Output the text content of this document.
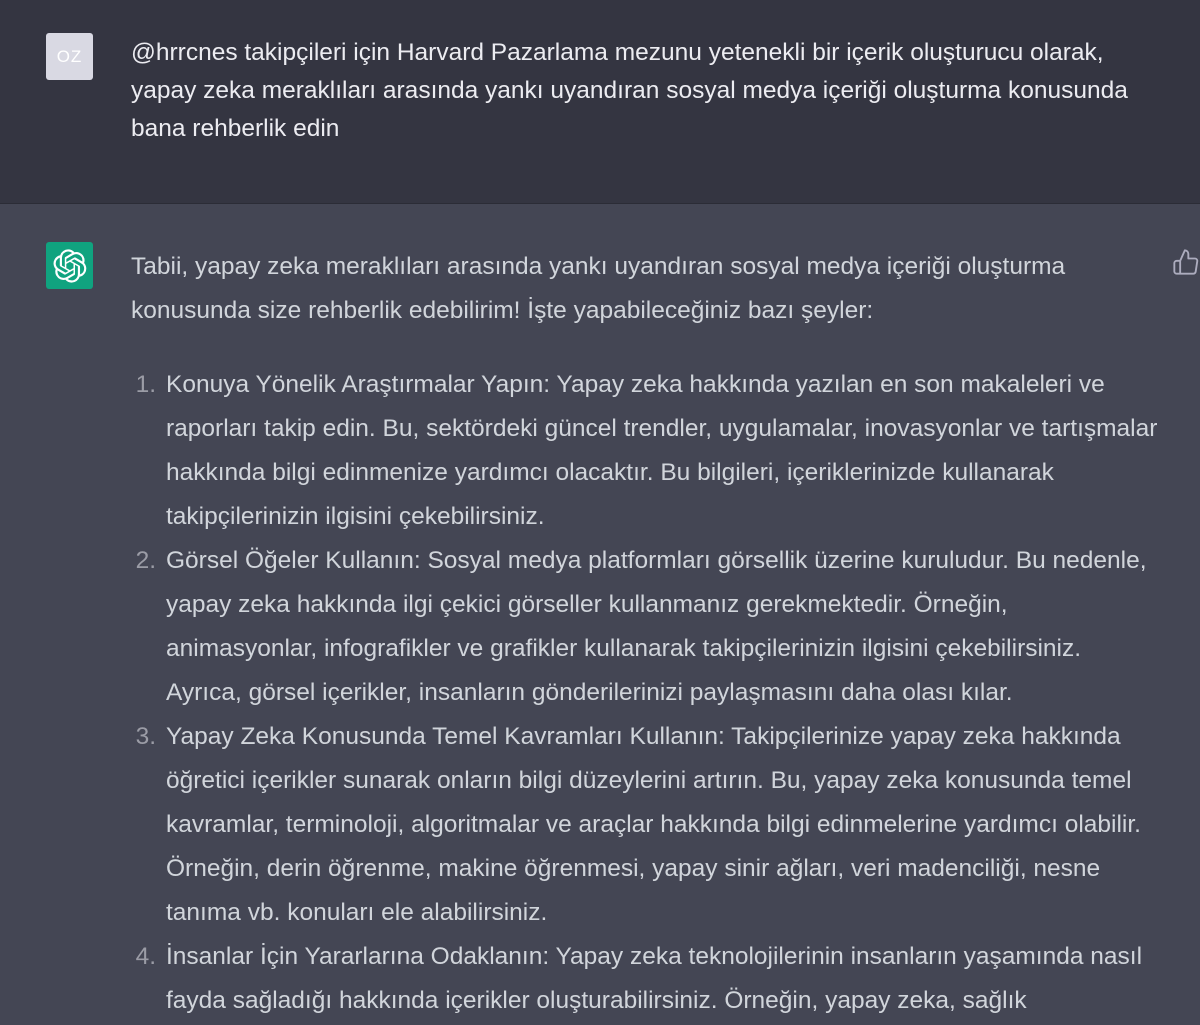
OZ @hrrcnes takipçileri için Harvard Pazarlama mezunu yetenekli bir içerik oluşturucu olarak, yapay zeka meraklıları arasında yankı uyandıran sosyal medya içeriği oluşturma konusunda bana rehberlik edin

Tabii, yapay zeka meraklıları arasında yankı uyandıran sosyal medya içeriği oluşturma konusunda size rehberlik edebilirim! İşte yapabileceğiniz bazı şeyler:

1. Konuya Yönelik Araştırmalar Yapın: Yapay zeka hakkında yazılan en son makaleleri ve raporları takip edin. Bu, sektördeki güncel trendler, uygulamalar, inovasyonlar ve tartışmalar hakkında bilgi edinmenize yardımcı olacaktır. Bu bilgileri, içeriklerinizde kullanarak takipçilerinizin ilgisini çekebilirsiniz.
2. Görsel Öğeler Kullanın: Sosyal medya platformları görsellik üzerine kuruludur. Bu nedenle, yapay zeka hakkında ilgi çekici görseller kullanmanız gerekmektedir. Örneğin, animasyonlar, infografikler ve grafikler kullanarak takipçilerinizin ilgisini çekebilirsiniz. Ayrıca, görsel içerikler, insanların gönderilerinizi paylaşmasını daha olası kılar.
3. Yapay Zeka Konusunda Temel Kavramları Kullanın: Takipçilerinize yapay zeka hakkında öğretici içerikler sunarak onların bilgi düzeylerini artırın. Bu, yapay zeka konusunda temel kavramlar, terminoloji, algoritmalar ve araçlar hakkında bilgi edinmelerine yardımcı olabilir. Örneğin, derin öğrenme, makine öğrenmesi, yapay sinir ağları, veri madenciliği, nesne tanıma vb. konuları ele alabilirsiniz.
4. İnsanlar İçin Yararlarına Odaklanın: Yapay zeka teknolojilerinin insanların yaşamında nasıl fayda sağladığı hakkında içerikler oluşturabilirsiniz. Örneğin, yapay zeka, sağlık
